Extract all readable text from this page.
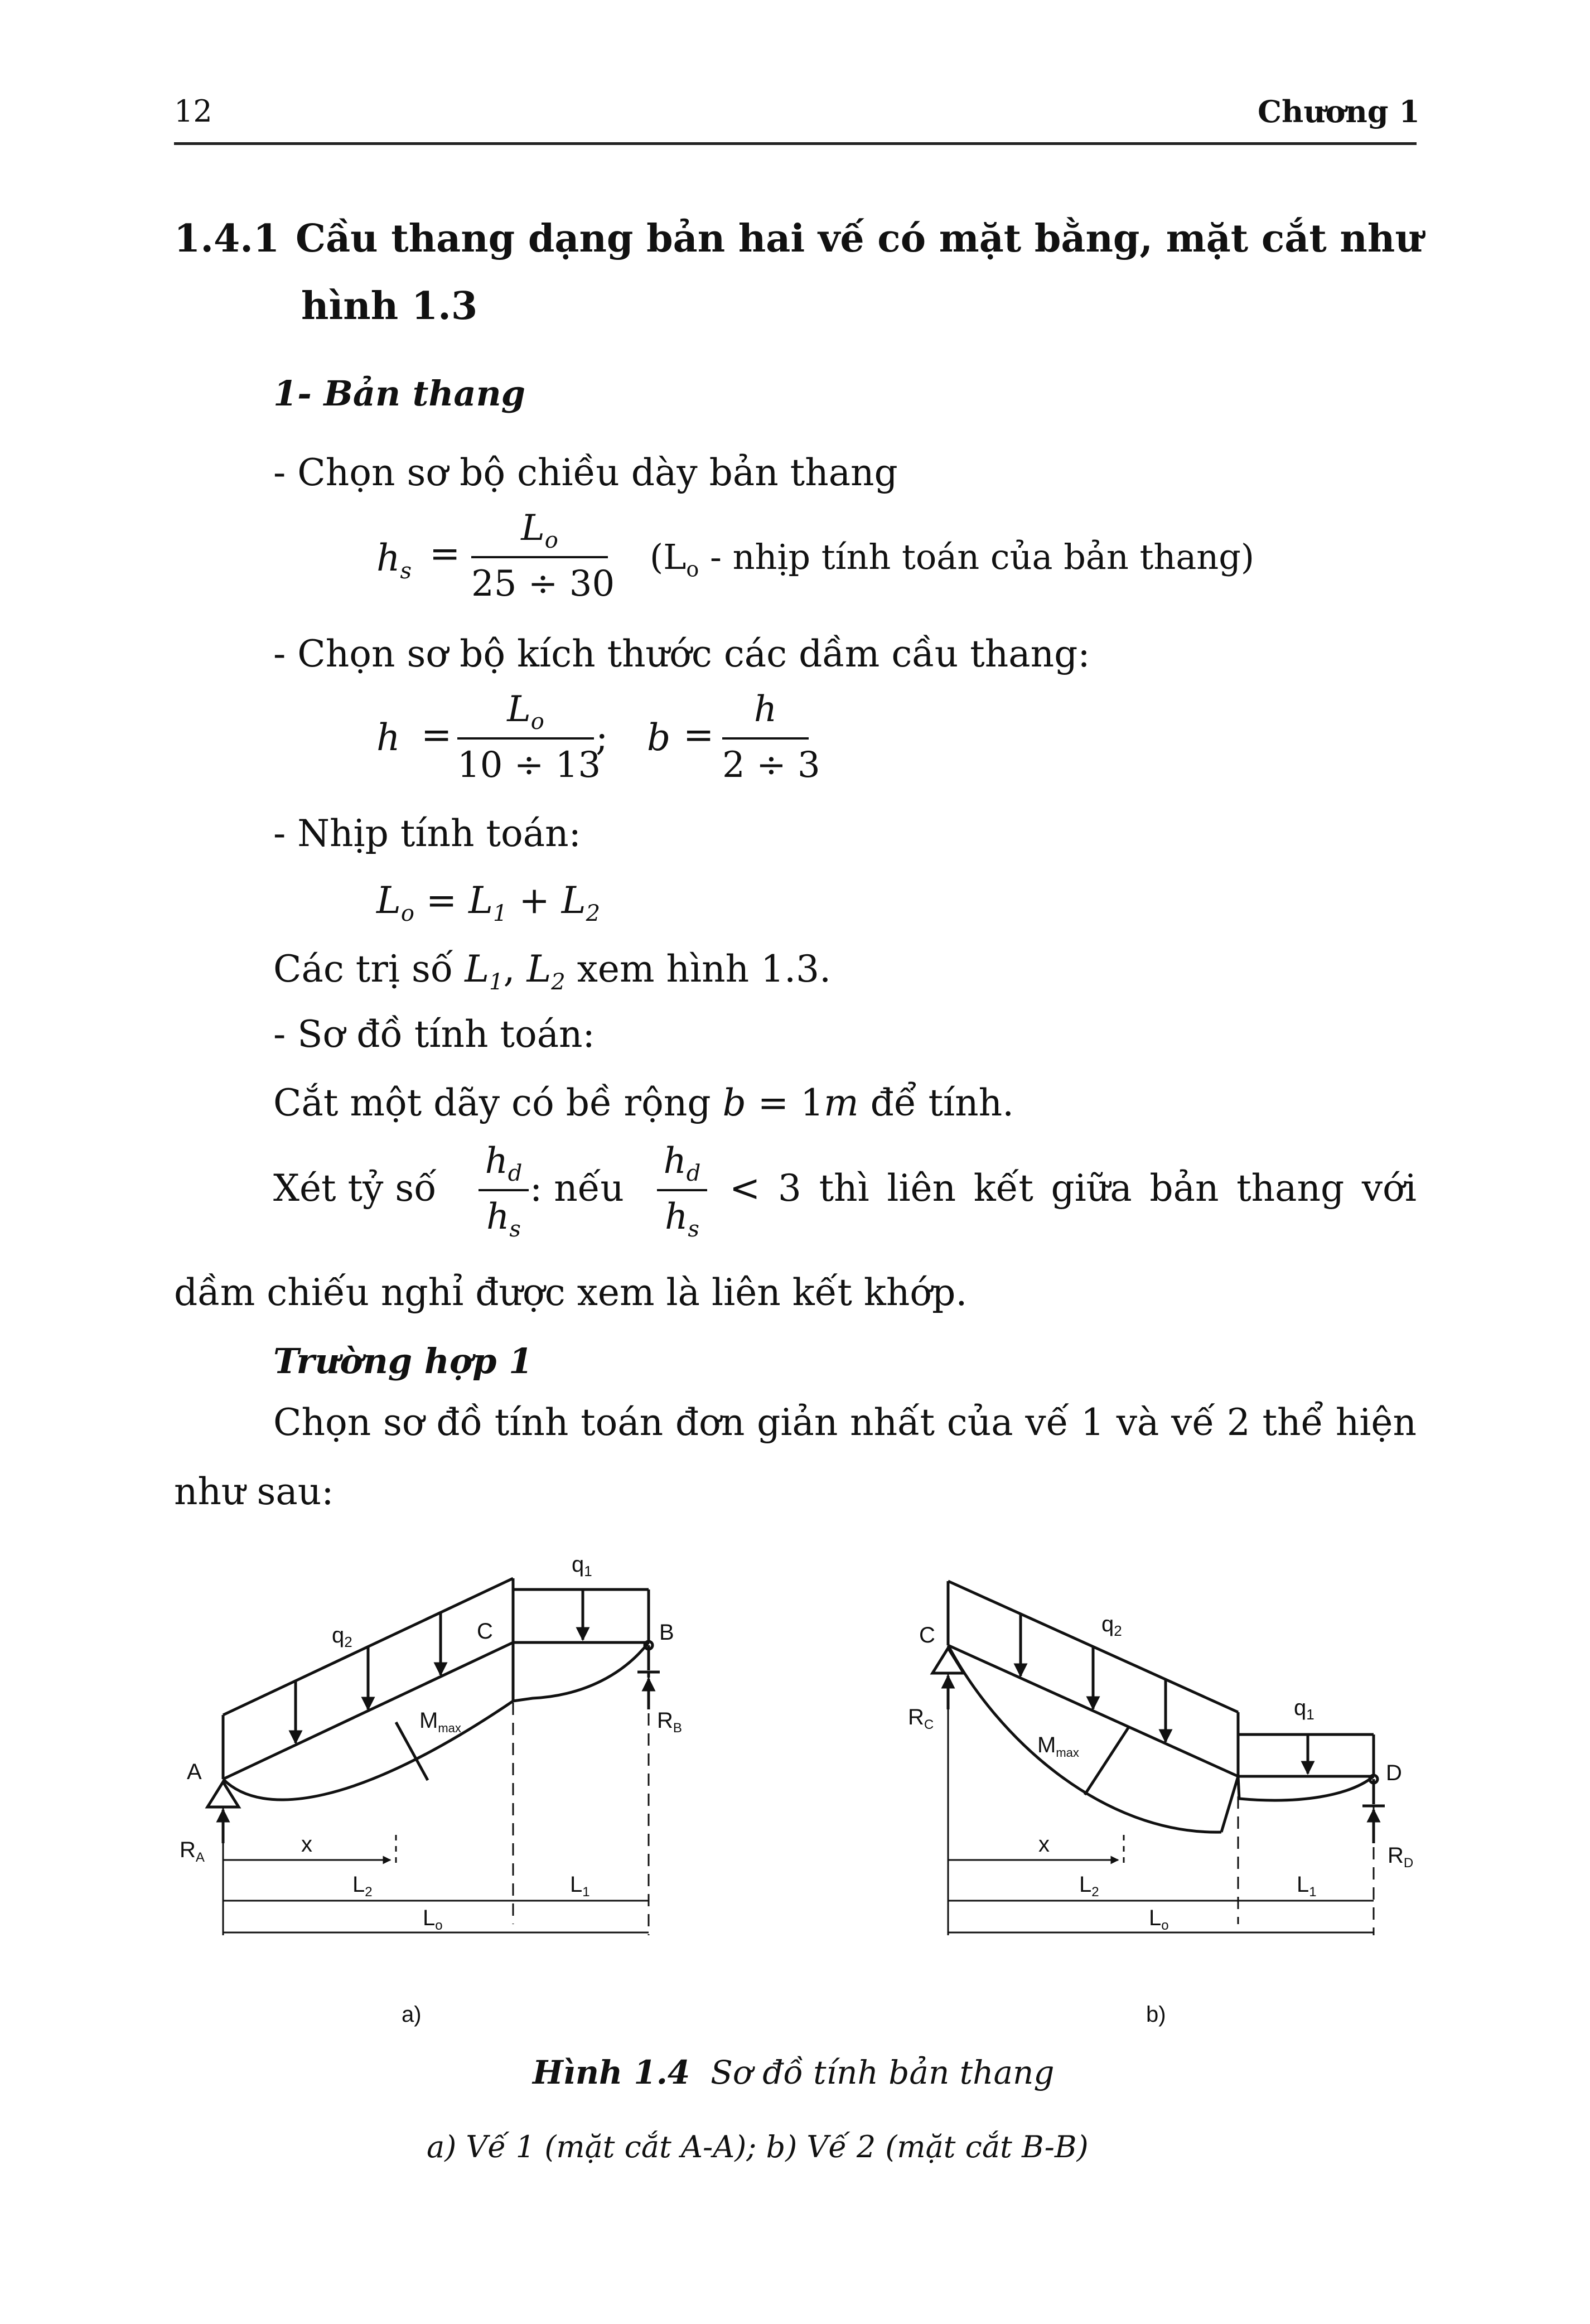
12	Chương 1
1.4.1 Cầu thang dạng bản hai vế có mặt bằng, mặt cắt như
hình 1.3
1- Bản thang
- Chọn sơ bộ chiều dày bản thang
$h_s$ =
$L_o$
25 ÷ 30
($L_o$ - nhịp tính toán của bản thang)
- Chọn sơ bộ kích thước các dầm cầu thang:
h =
$L_o$
10 ÷ 13
; b =
h
2 ÷ 3
- Nhịp tính toán:
$L_o = L_1 + L_2$
Các trị số $L_1$, $L_2$ xem hình 1.3.
- Sơ đồ tính toán:
Cắt một dãy có bề rộng b = 1m để tính.
Xét tỷ số
$h_d$
$h_s$
: nếu
$h_d$
$h_s$
< 3 thì liên kết giữa bản thang với
dầm chiếu nghỉ được xem là liên kết khớp.
Trường hợp 1
Chọn sơ đồ tính toán đơn giản nhất của vế 1 và vế 2 thể hiện
như sau:
$q_1$
$q_2$	C	B
A
$M_{max}$
$R_A$
$R_B$
x
$L_2$	$L_1$
$L_o$
a)
$q_2$
$q_1$
C
D
$M_{max}$
$R_C$
$R_D$
x
$L_2$	$L_1$
$L_o$
b)
Hình 1.4 Sơ đồ tính bản thang
a) Vế 1 (mặt cắt A-A); b) Vế 2 (mặt cắt B-B)
